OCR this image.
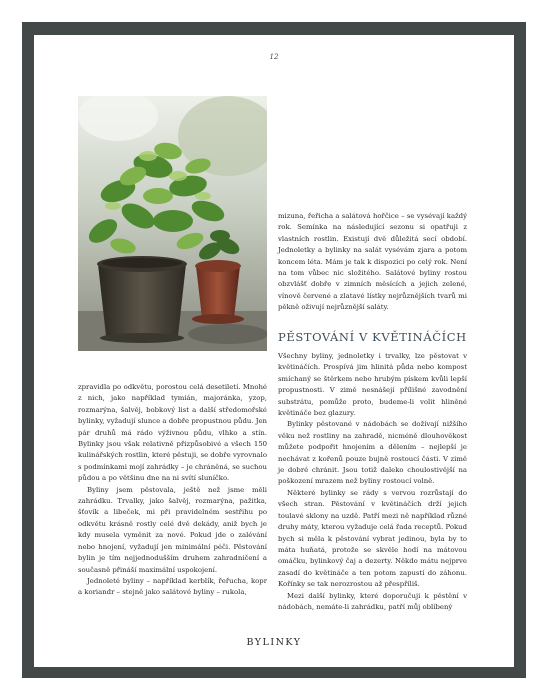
12

mizuna, řeřicha a salátová hořčice – se vysévají každý rok. Semínka na následující sezonu si opatřuji z vlastních rostlin. Existují dvě důležitá secí období. Jednoletky a bylinky na salát vysévám zjara a potom koncem léta. Mám je tak k dispozici po celý rok. Není na tom vůbec nic složitého. Salátové byliny rostou obzvlášť dobře v zimních měsících a jejich zelené, vínově červené a zlatavé lístky nejrůznějších tvarů mi pěkně oživují nejrůznější saláty.

PĚSTOVÁNÍ V KVĚTINÁČÍCH

zpravidla po odkvětu, porostou celá desetiletí. Mnohé z nich, jako například tymián, majoránka, yzop, rozmarýna, šalvěj, bobkový list a další středomořské bylinky, vyžadují slunce a dobře propustnou půdu. Jen pár druhů má rádo výživnou půdu, vlhko a stín. Bylinky jsou však relativně přizpůsobivé a všech 150 kulinářských rostlin, které pěstuji, se dobře vyrovnalo s podmínkami mojí zahrádky – je chráněná, se suchou půdou a po většinu dne na ni svítí sluníčko.

Byliny jsem pěstovala, ještě než jsme měli zahrádku. Trvalky, jako šalvěj, rozmarýna, pažitka, šťovík a libeček, mi při pravidelném sestřihu po odkvětu krásně rostly celé dvě dekády, aniž bych je kdy musela vyměnit za nové. Pokud jde o zalévání nebo hnojení, vyžadují jen minimální péči. Pěstování bylin je tím nejjednodušším druhem zahradničení a současně přináší maximální uspokojení.

Jednoleté byliny – například kerblík, řeřucha, kopr a koriandr – stejně jako salátové byliny – rukola,

Všechny byliny, jednoletky i trvalky, lze pěstovat v květináčích. Prospívá jim hlinitá půda nebo kompost smíchaný se štěrkem nebo hrubým pískem kvůli lepší propustnosti. V zimě nesnášejí přílišné zavodnění substrátu, pomůže proto, budeme-li volit hliněné květináče bez glazury.

Bylinky pěstované v nádobách se dožívají nižšího věku než rostliny na zahradě, nicméně dlouhověkost můžete podpořit hnojením a dělením – nejlepší je nechávat z kořenů pouze bujně rostoucí části. V zimě je dobré chránit. Jsou totiž daleko choulostivější na poškození mrazem než byliny rostoucí volně.

Některé bylinky se rády s vervou rozrůstají do všech stran. Pěstování v květináčích drží jejich toulavé sklony na uzdě. Patří mezi ně například různé druhy máty, kterou vyžaduje celá řada receptů. Pokud bych si měla k pěstování vybrat jedinou, byla by to máta huňatá, protože se skvěle hodí na mátovou omáčku, bylinkový čaj a dezerty. Někdo mátu nejprve zasadí do květináče a ten potom zapustí do záhonu. Kořínky se tak nerozrostou až přespříliš.

Mezi další bylinky, které doporučuji k pěstění v nádobách, nemáte-li zahrádku, patří můj oblíbený

BYLINKY
